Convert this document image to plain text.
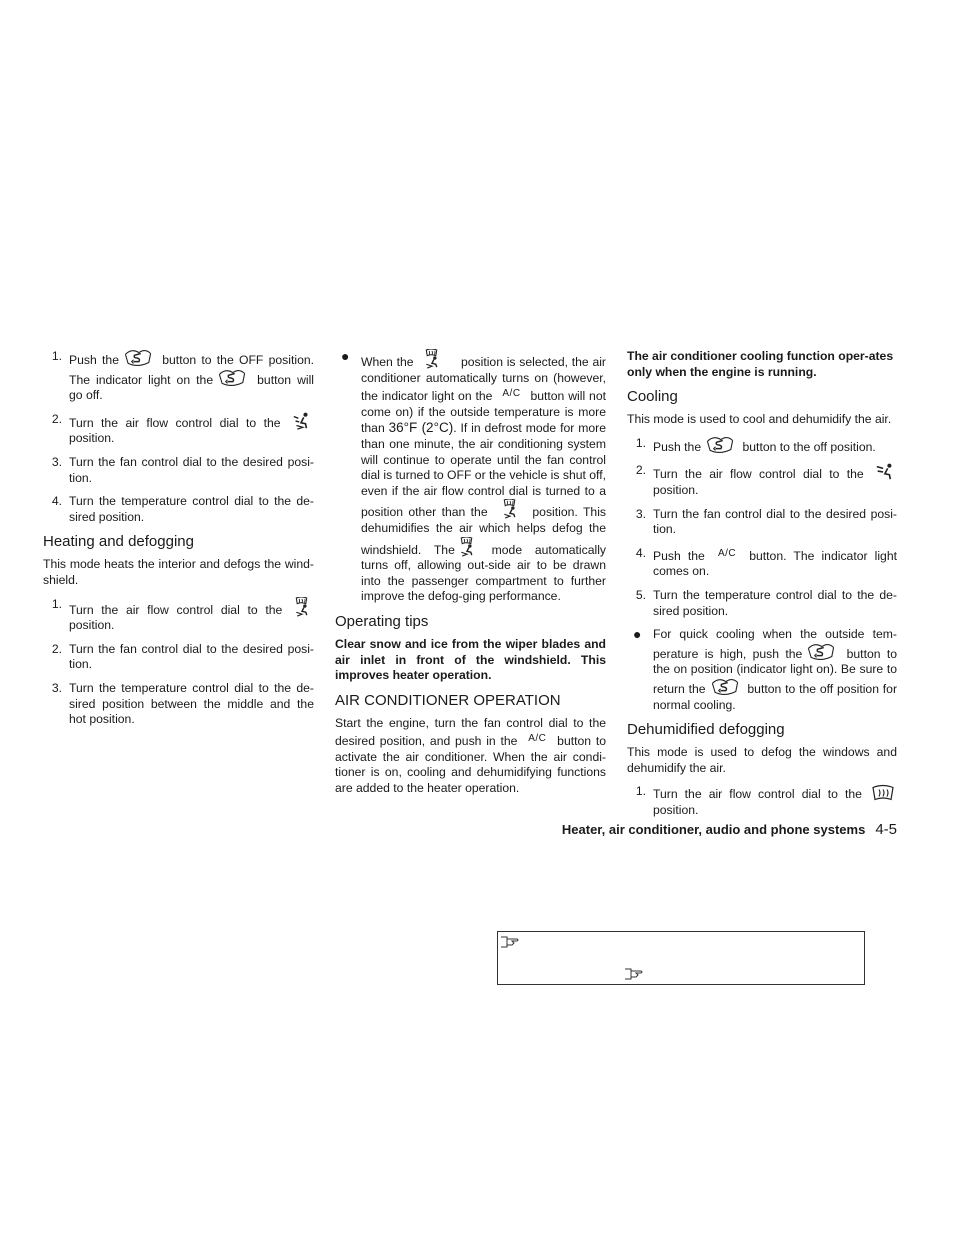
1. Push the	button to the OFF position. The indicator light on the	button will go off.
2. Turn the air flow control dial to the  position.
3. Turn the fan control dial to the desired posi-tion.
4. Turn the temperature control dial to the de-sired position.
Heating and defogging

This mode heats the interior and defogs the wind-shield.

1. Turn the air flow control dial to the  position.
2. Turn the fan control dial to the desired posi-tion.
3. Turn the temperature control dial to the de-sired position between the middle and the hot position.
● When the	position is selected, the air conditioner automatically turns on (however, the indicator light on the A/C button will not come on) if the outside temperature is more than 36°F (2°C). If in defrost mode for more than one minute, the air conditioning system will continue to operate until the fan control dial is turned to OFF or the vehicle is shut off, even if the air flow control dial is turned to a position other than the	position. This dehumidifies the air which helps defog the windshield. The	mode automatically turns off, allowing out-side air to be drawn into the passenger compartment to further improve the defog-ging performance.
Operating tips

Clear snow and ice from the wiper blades and air inlet in front of the windshield. This improves heater operation.

AIR CONDITIONER OPERATION

Start the engine, turn the fan control dial to the desired position, and push in the A/C button to activate the air conditioner. When the air condi-tioner is on, cooling and dehumidifying functions are added to the heater operation.

The air conditioner cooling function oper-ates only when the engine is running.

Cooling

This mode is used to cool and dehumidify the air.

1. Push the	button to the off position.
2. Turn the air flow control dial to the  position.
3. Turn the fan control dial to the desired posi-tion.
4. Push the A/C button. The indicator light comes on.
5. Turn the temperature control dial to the de-sired position.
● For quick cooling when the outside tem-perature is high, push the	button to the on position (indicator light on). Be sure to return the	button to the off position for normal cooling.
Dehumidified defogging

This mode is used to defog the windows and dehumidify the air.

1. Turn the air flow control dial to the  position.
Heater, air conditioner, audio and phone systems 4-5
